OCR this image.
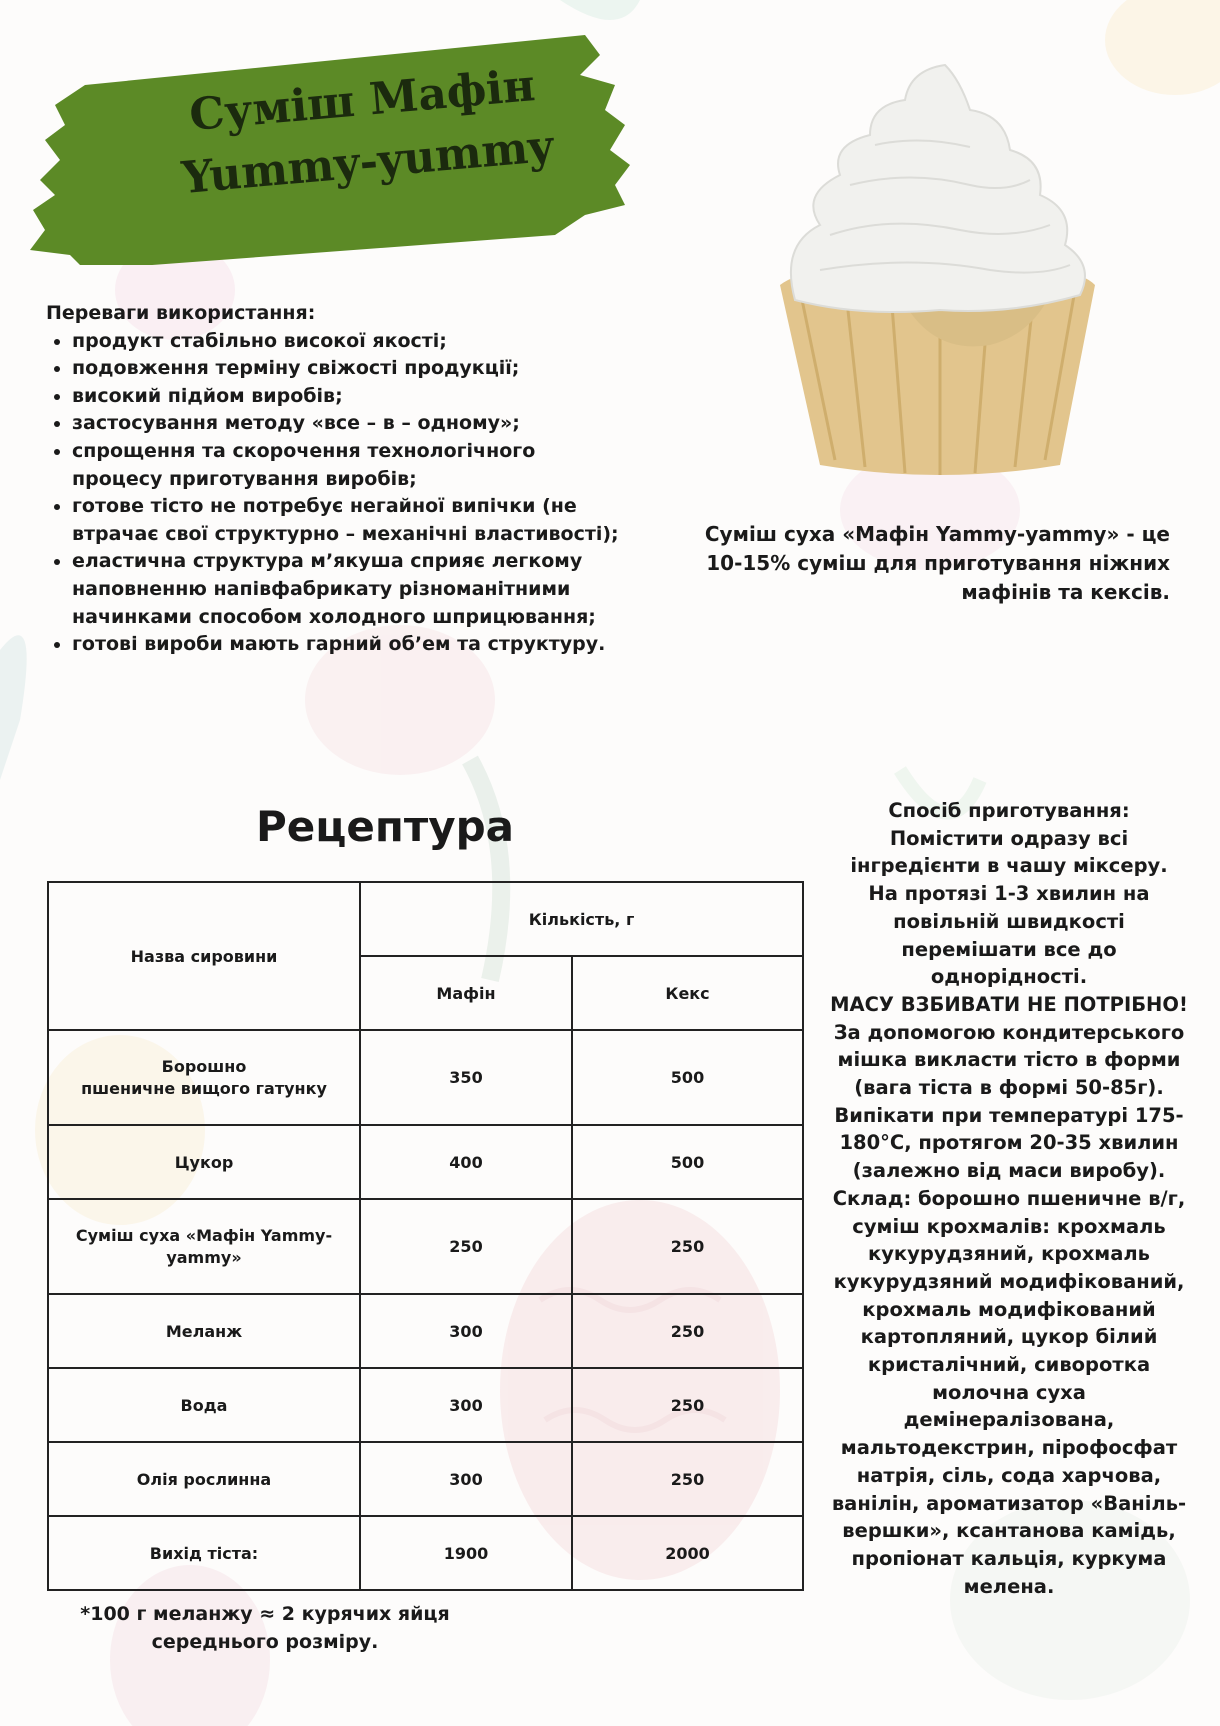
Суміш Мафін
Yummy-yummy
Переваги використання:
• продукт стабільно високої якості;
• подовження терміну свіжості продукції;
• високий підйом виробів;
• застосування методу «все – в – одному»;
• спрощення та скорочення технологічного процесу приготування виробів;
• готове тісто не потребує негайної випічки (не втрачає свої структурно – механічні властивості);
• еластична структура м’якуша сприяє легкому наповненню напівфабрикату різноманітними начинками способом холодного шприцювання;
• готові вироби мають гарний об’ем та структуру.
Суміш суха «Мафін Yammy-yammy» - це 10-15% суміш для приготування ніжних мафінів та кексів.
Рецептура
Назва сировини	Кількість, г	
	Мафін	Кекс
Борошно
пшеничне вищого гатунку	350	500
Цукор	400	500
Суміш суха «Мафін Yammy-yammy»	250	250
Меланж	300	250
Вода	300	250
Олія рослинна	300	250
Вихід тіста:	1900	2000
*100 г меланжу ≈ 2 курячих яйця середнього розміру.

Спосіб приготування:

Помістити одразу всі інгредієнти в чашу міксеру.

На протязі 1-3 хвилин на повільній швидкості перемішати все до однорідності.

МАСУ ВЗБИВАТИ НЕ ПОТРІБНО!

За допомогою кондитерського мішка викласти тісто в форми (вага тіста в формі 50-85г).

Випікати при температурі 175-180°С, протягом 20-35 хвилин (залежно від маси виробу).

Склад: борошно пшеничне в/г, суміш крохмалів: крохмаль кукурудзяний, крохмаль кукурудзяний модифікований, крохмаль модифікований картопляний, цукор білий кристалічний, сиворотка молочна суха демінералізована, мальтодекстрин, пірофосфат натрія, сіль, сода харчова, ванілін, ароматизатор «Ваніль-вершки», ксантанова камідь, пропіонат кальція, куркума мелена.
